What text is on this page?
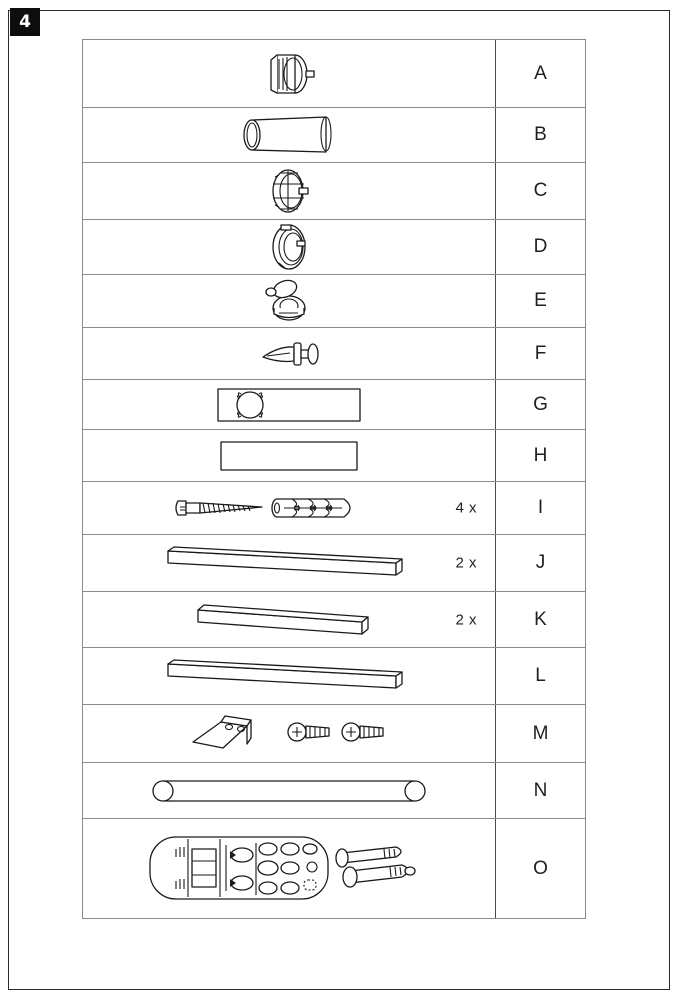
4
A
B
C
D
E
F
G
H
4 x	I
2 x	J
2 x	K
L
M
N
O
